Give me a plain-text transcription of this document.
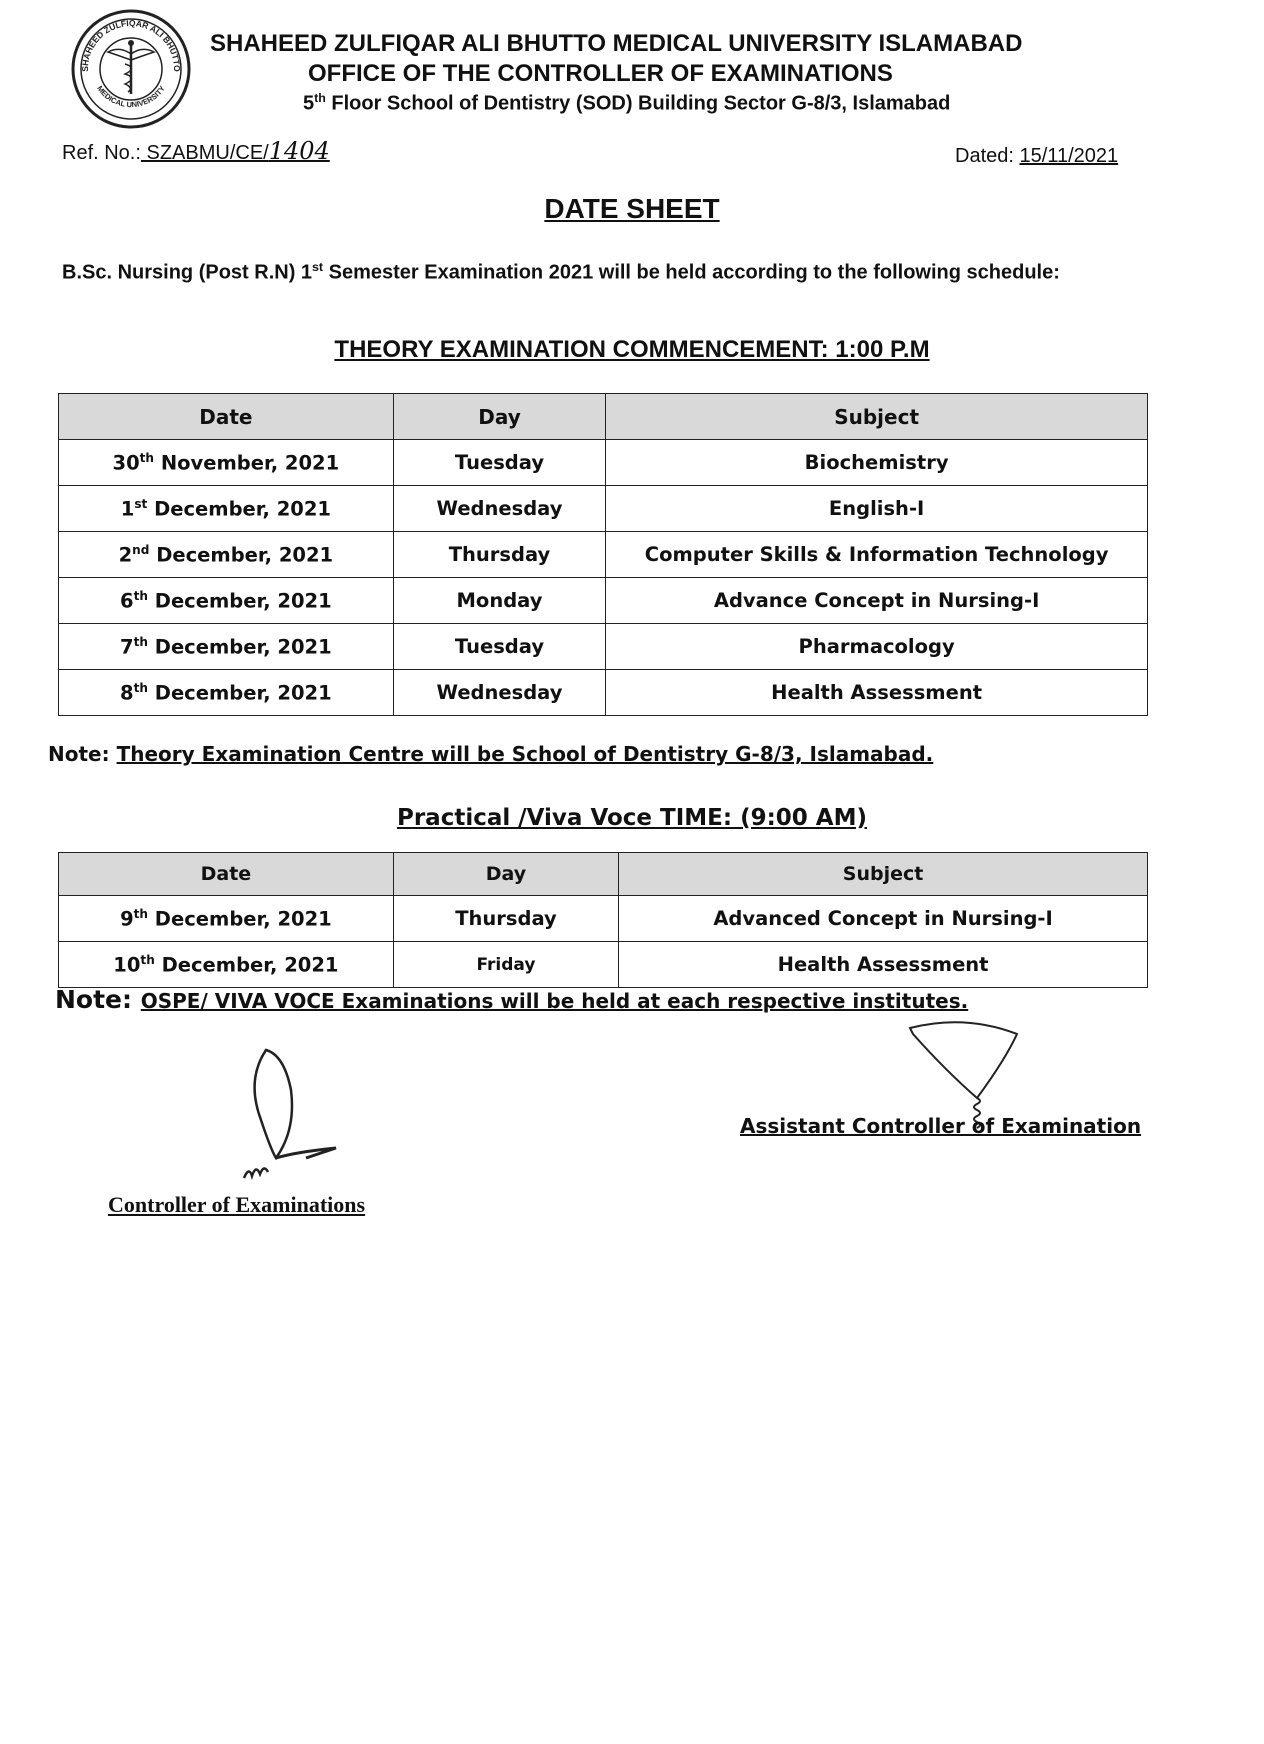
SHAHEED ZULFIQAR ALI BHUTTO
MEDICAL UNIVERSITY
SHAHEED ZULFIQAR ALI BHUTTO MEDICAL UNIVERSITY ISLAMABAD
OFFICE OF THE CONTROLLER OF EXAMINATIONS
5th Floor School of Dentistry (SOD) Building Sector G-8/3, Islamabad
Ref. No.: SZABMU/CE/1404	Dated: 15/11/2021
DATE SHEET
B.Sc. Nursing (Post R.N) 1st Semester Examination 2021 will be held according to the following schedule:
THEORY EXAMINATION COMMENCEMENT: 1:00 P.M
Date	Day	Subject
30th November, 2021	Tuesday	Biochemistry
1st December, 2021	Wednesday	English-I
2nd December, 2021	Thursday	Computer Skills & Information Technology
6th December, 2021	Monday	Advance Concept in Nursing-I
7th December, 2021	Tuesday	Pharmacology
8th December, 2021	Wednesday	Health Assessment
Note: Theory Examination Centre will be School of Dentistry G-8/3, Islamabad.
Practical /Viva Voce TIME: (9:00 AM)
Date	Day	Subject
9th December, 2021	Thursday	Advanced Concept in Nursing-I
10th December, 2021	Friday	Health Assessment
Note: OSPE/ VIVA VOCE Examinations will be held at each respective institutes.
Assistant Controller of Examination
Controller of Examinations
